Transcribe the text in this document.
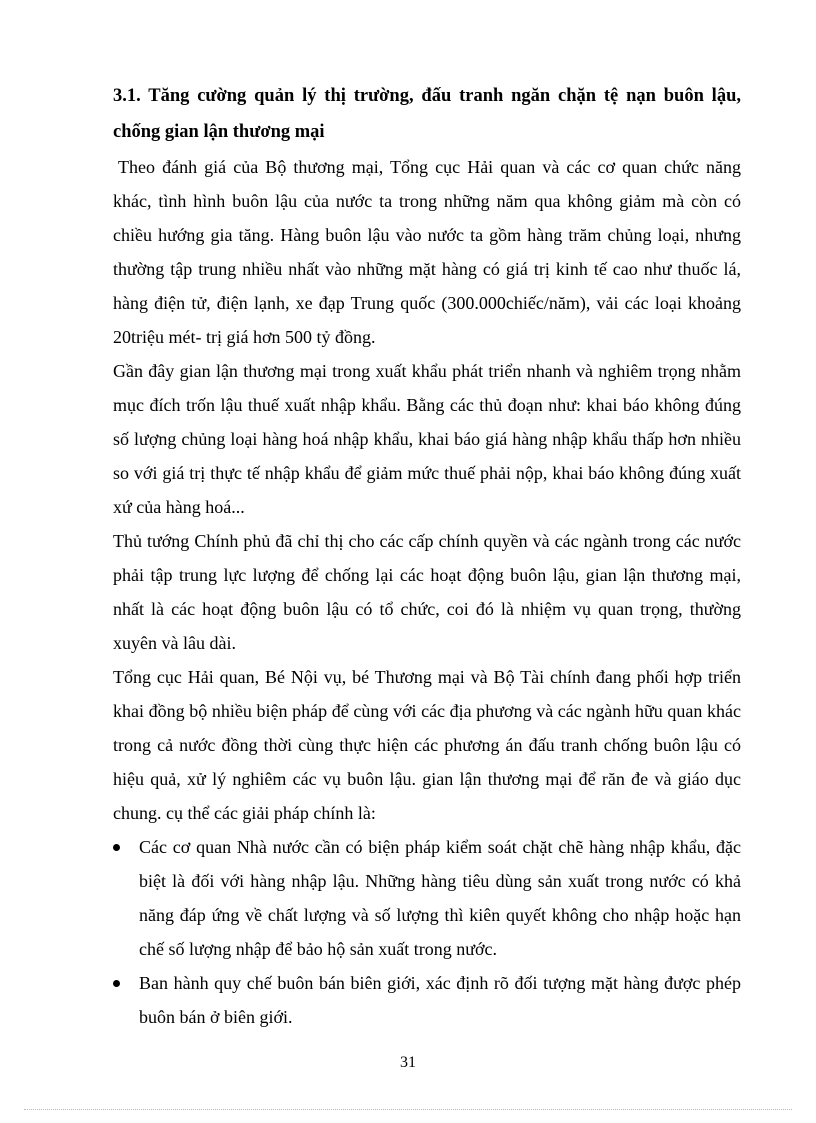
3.1. Tăng cường quản lý thị trường, đấu tranh ngăn chặn tệ nạn buôn lậu, chống gian lận thương mại

Theo đánh giá của Bộ thương mại, Tổng cục Hải quan và các cơ quan chức năng khác, tình hình buôn lậu của nước ta trong những năm qua không giảm mà còn có chiều hướng gia tăng. Hàng buôn lậu vào nước ta gồm hàng trăm chủng loại, nhưng thường tập trung nhiều nhất vào những mặt hàng có giá trị kinh tế cao như thuốc lá, hàng điện tử, điện lạnh, xe đạp Trung quốc (300.000chiếc/năm), vải các loại khoảng 20triệu mét- trị giá hơn 500 tỷ đồng.

Gần đây gian lận thương mại trong xuất khẩu phát triển nhanh và nghiêm trọng nhằm mục đích trốn lậu thuế xuất nhập khẩu. Bằng các thủ đoạn như: khai báo không đúng số lượng chủng loại hàng hoá nhập khẩu, khai báo giá hàng nhập khẩu thấp hơn nhiều so với giá trị thực tế nhập khẩu để giảm mức thuế phải nộp, khai báo không đúng xuất xứ của hàng hoá...

Thủ tướng Chính phủ đã chỉ thị cho các cấp chính quyền và các ngành trong các nước phải tập trung lực lượng để chống lại các hoạt động buôn lậu, gian lận thương mại, nhất là các hoạt động buôn lậu có tổ chức, coi đó là nhiệm vụ quan trọng, thường xuyên và lâu dài.

Tổng cục Hải quan, Bé Nội vụ, bé Thương mại và Bộ Tài chính đang phối hợp triển khai đồng bộ nhiều biện pháp để cùng với các địa phương và các ngành hữu quan khác trong cả nước đồng thời cùng thực hiện các phương án đấu tranh chống buôn lậu có hiệu quả, xử lý nghiêm các vụ buôn lậu. gian lận thương mại để răn đe và giáo dục chung. cụ thể các giải pháp chính là:

Các cơ quan Nhà nước cần có biện pháp kiểm soát chặt chẽ hàng nhập khẩu, đặc biệt là đối với hàng nhập lậu. Những hàng tiêu dùng sản xuất trong nước có khả năng đáp ứng về chất lượng và số lượng thì kiên quyết không cho nhập hoặc hạn chế số lượng nhập để bảo hộ sản xuất trong nước.
Ban hành quy chế buôn bán biên giới, xác định rõ đối tượng mặt hàng được phép buôn bán ở biên giới.
31
